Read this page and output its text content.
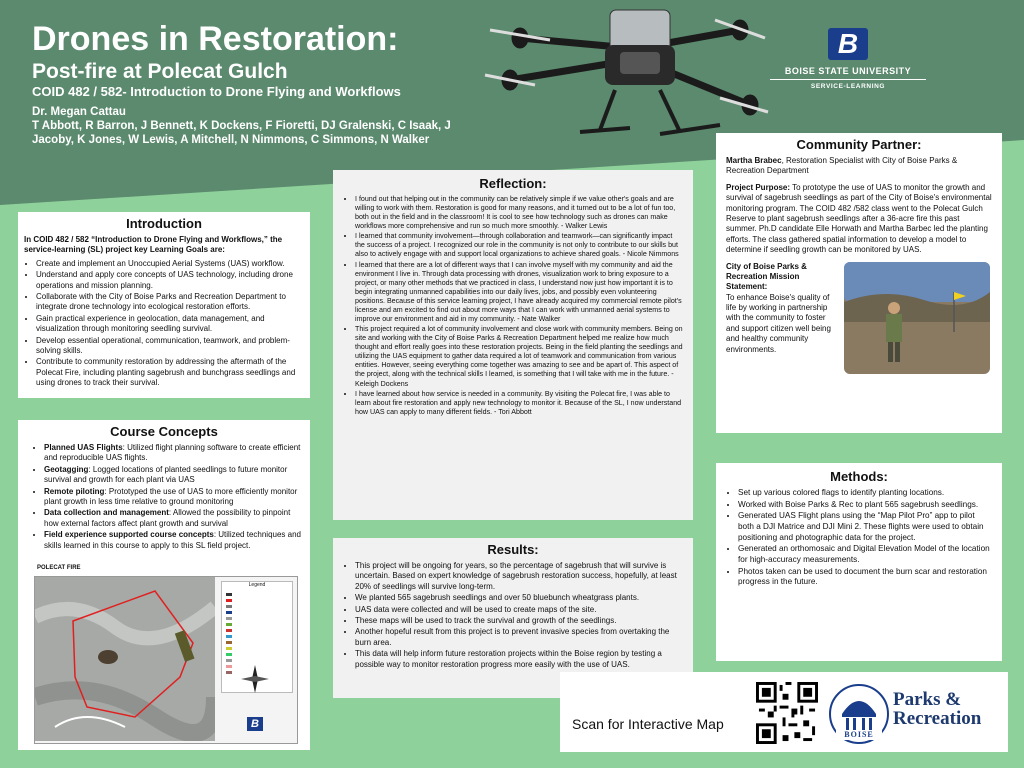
Drones in Restoration:
Post-fire at Polecat Gulch
COID 482 / 582- Introduction to Drone Flying and Workflows
Dr. Megan Cattau
T Abbott, R Barron, J Bennett, K Dockens, F Fioretti, DJ Gralenski, C Isaak, J
Jacoby, K Jones, W Lewis, A Mitchell, N Nimmons, C Simmons, N Walker
B
BOISE STATE UNIVERSITY
SERVICE-LEARNING
Introduction

In COID 482 / 582 “Introduction to Drone Flying and Workflows,” the service-learning (SL) project key Learning Goals are:

• Create and implement an Unoccupied Aerial Systems (UAS) workflow.
• Understand and apply core concepts of UAS technology, including drone operations and mission planning.
• Collaborate with the City of Boise Parks and Recreation Department to integrate drone technology into ecological restoration efforts.
• Gain practical experience in geolocation, data management, and visualization through monitoring seedling survival.
• Develop essential operational, communication, teamwork, and problem-solving skills.
• Contribute to community restoration by addressing the aftermath of the Polecat Fire, including planting sagebrush and bunchgrass seedlings and using drones to track their survival.
Course Concepts
• Planned UAS Flights: Utilized flight planning software to create efficient and reproducible UAS flights.
• Geotagging: Logged locations of planted seedlings to future monitor survival and growth for each plant via UAS
• Remote piloting: Prototyped the use of UAS to more efficiently monitor plant growth in less time relative to ground monitoring
• Data collection and management: Allowed the possibility to pinpoint how external factors affect plant growth and survival
• Field experience supported course concepts: Utilized techniques and skills learned in this course to apply to this SL field project.
POLECAT FIRE
Legend
B
Reflection:
• I found out that helping out in the community can be relatively simple if we value other's goals and are willing to work with them. Restoration is good for many reasons, and it turned out to be a lot of fun too, both out in the field and in the classroom! It is cool to see how technology such as drones can make workflows more comprehensive and run so much more smoothly. - Walker Lewis
• I learned that community involvement—through collaboration and teamwork—can significantly impact the success of a project. I recognized our role in the community is not only to contribute to our skills but also to actively engage with and support local organizations to achieve shared goals. - Nicole Nimmons
• I learned that there are a lot of different ways that I can involve myself with my community and aid the environment I live in. Through data processing with drones, visualization work to bring exposure to a project, or many other methods that we practiced in class, I understand now just how important it is to begin integrating unmanned capabilities into our daily lives, jobs, and possibly even volunteering positions. Because of this service learning project, I have already acquired my commercial remote pilot's license and am excited to find out about more ways that I can work with unmanned aerial systems to improve our environment and aid in my community. - Nate Walker
• This project required a lot of community involvement and close work with community members. Being on site and working with the City of Boise Parks & Recreation Department helped me realize how much thought and effort really goes into these restoration projects. Being in the field planting the seedlings and utilizing the UAS equipment to gather data required a lot of teamwork and communication from various entities. However, seeing everything come together was amazing to see and be apart of. This aspect of the project, along with the technical skills I learned, is something that I will take with me in the future. - Keleigh Dockens
• I have learned about how service is needed in a community. By visiting the Polecat fire, I was able to learn about fire restoration and apply new technology to monitor it. Because of the SL, I now understand how UAS can apply to many different fields. - Tori Abbott
Results:
• This project will be ongoing for years, so the percentage of sagebrush that will survive is uncertain. Based on expert knowledge of sagebrush restoration success, hopefully, at least 20% of seedlings will survive long-term.
• We planted 565 sagebrush seedlings and over 50 bluebunch wheatgrass plants.
• UAS data were collected and will be used to create maps of the site.
• These maps will be used to track the survival and growth of the seedlings.
• Another hopeful result from this project is to prevent invasive species from overtaking the burn area.
• This data will help inform future restoration projects within the Boise region by testing a possible way to monitor restoration progress more easily with the use of UAS.
Community Partner:

Martha Brabec, Restoration Specialist with City of Boise Parks & Recreation Department

Project Purpose: To prototype the use of UAS to monitor the growth and survival of sagebrush seedlings as part of the City of Boise's environmental monitoring program. The COID 482 /582 class went to the Polecat Gulch Reserve to plant sagebrush seedlings after a 36-acre fire this past summer. Ph.D candidate Elle Horwath and Martha Barbec led the planting efforts. The class gathered spatial information to develop a model to determine if seedling growth can be monitored by UAS.

City of Boise Parks & Recreation Mission Statement:
To enhance Boise's quality of life by working in partnership with the community to foster and support citizen well being and healthy community environments.
Methods:
• Set up various colored flags to identify planting locations.
• Worked with Boise Parks & Rec to plant 565 sagebrush seedlings.
• Generated UAS Flight plans using the “Map Pilot Pro” app to pilot both a DJI Matrice and DJI Mini 2. These flights were used to obtain positioning and photographic data for the project.
• Generated an orthomosaic and Digital Elevation Model of the location for high-accuracy measurements.
• Photos taken can be used to document the burn scar and restoration progress in the future.
Scan for Interactive Map
BOISE
Parks &
Recreation
